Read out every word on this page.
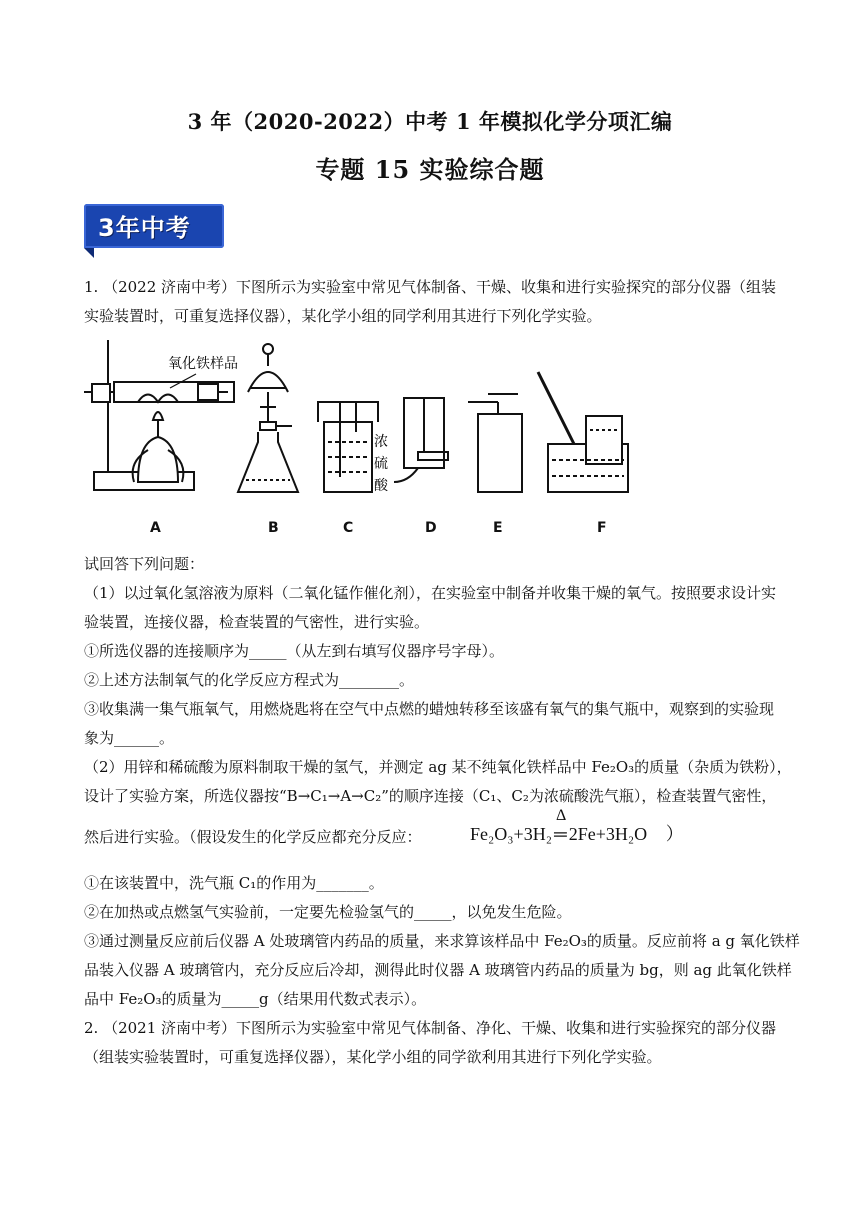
3 年（2020-2022）中考 1 年模拟化学分项汇编
专题 15 实验综合题
3年中考
1. （2022 济南中考）下图所示为实验室中常见气体制备、干燥、收集和进行实验探究的部分仪器（组装
实验装置时，可重复选择仪器），某化学小组的同学利用其进行下列化学实验。
氧化铁样品
浓
硫
酸
A	B	C	D	E	F
试回答下列问题：
（1）以过氧化氢溶液为原料（二氧化锰作催化剂），在实验室中制备并收集干燥的氧气。按照要求设计实
验装置，连接仪器，检查装置的气密性，进行实验。
①所选仪器的连接顺序为_____（从左到右填写仪器序号字母）。
②上述方法制氧气的化学反应方程式为________。
③收集满一集气瓶氧气，用燃烧匙将在空气中点燃的蜡烛转移至该盛有氧气的集气瓶中，观察到的实验现
象为______。
（2）用锌和稀硫酸为原料制取干燥的氢气，并测定 ag 某不纯氧化铁样品中 Fe₂O₃的质量（杂质为铁粉），
设计了实验方案，所选仪器按“B→C₁→A→C₂”的顺序连接（C₁、C₂为浓硫酸洗气瓶），检查装置气密性，
然后进行实验。（假设发生的化学反应都充分反应：	Fe₂O₃+3H₂ ═
Δ
2Fe+3H₂O ）
①在该装置中，洗气瓶 C₁的作用为_______。
②在加热或点燃氢气实验前，一定要先检验氢气的_____，以免发生危险。
③通过测量反应前后仪器 A 处玻璃管内药品的质量，来求算该样品中 Fe₂O₃的质量。反应前将 a g 氧化铁样
品装入仪器 A 玻璃管内，充分反应后冷却，测得此时仪器 A 玻璃管内药品的质量为 bg，则 ag 此氧化铁样
品中 Fe₂O₃的质量为_____g（结果用代数式表示）。
2. （2021 济南中考）下图所示为实验室中常见气体制备、净化、干燥、收集和进行实验探究的部分仪器
（组装实验装置时，可重复选择仪器），某化学小组的同学欲利用其进行下列化学实验。
